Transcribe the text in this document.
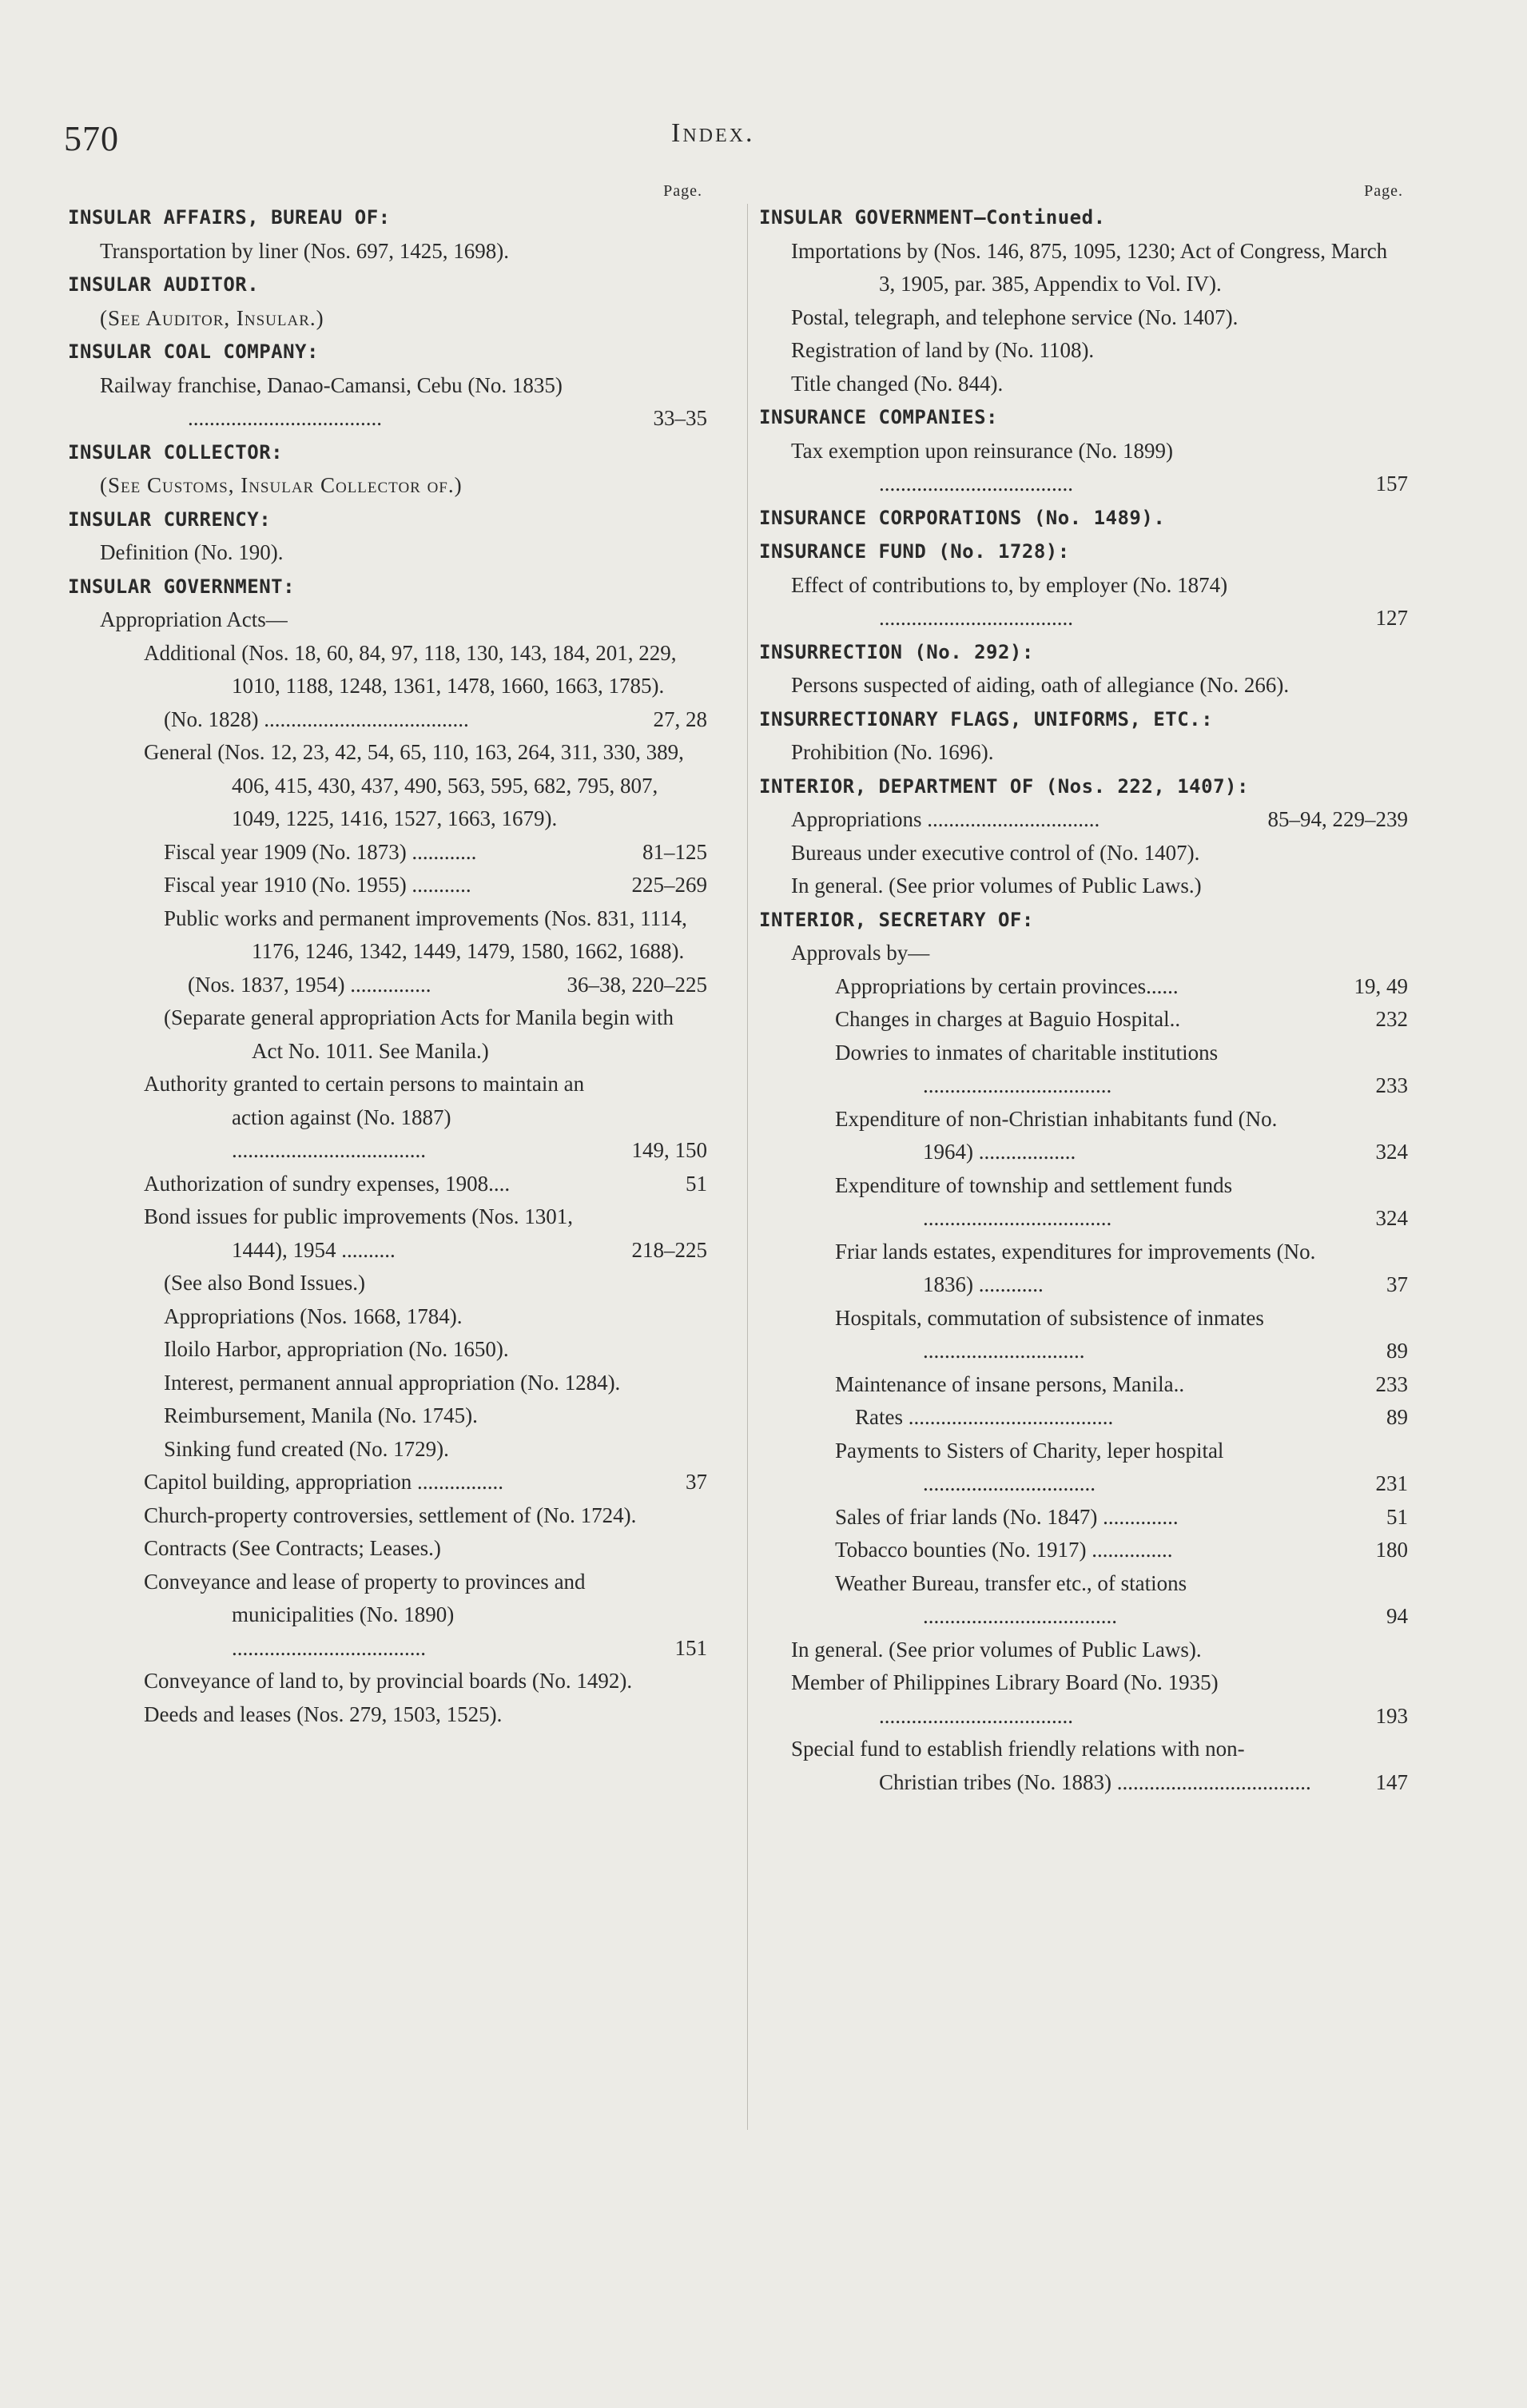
570	Index.
Page.
INSULAR AFFAIRS, BUREAU OF:
Transportation by liner (Nos. 697, 1425, 1698).
INSULAR AUDITOR.
(See Auditor, Insular.)
INSULAR COAL COMPANY:
Railway franchise, Danao-Camansi, Cebu (No. 1835) ....................................	33–35
INSULAR COLLECTOR:
(See Customs, Insular Collector of.)
INSULAR CURRENCY:
Definition (No. 190).
INSULAR GOVERNMENT:
Appropriation Acts—
Additional (Nos. 18, 60, 84, 97, 118, 130, 143, 184, 201, 229, 1010, 1188, 1248, 1361, 1478, 1660, 1663, 1785).
(No. 1828) ......................................	27, 28
General (Nos. 12, 23, 42, 54, 65, 110, 163, 264, 311, 330, 389, 406, 415, 430, 437, 490, 563, 595, 682, 795, 807, 1049, 1225, 1416, 1527, 1663, 1679).
Fiscal year 1909 (No. 1873) ............	81–125
Fiscal year 1910 (No. 1955) ...........	225–269
Public works and permanent improvements (Nos. 831, 1114, 1176, 1246, 1342, 1449, 1479, 1580, 1662, 1688).
(Nos. 1837, 1954) ...............	36–38, 220–225
(Separate general appropriation Acts for Manila begin with Act No. 1011. See Manila.)
Authority granted to certain persons to maintain an action against (No. 1887) ....................................	149, 150
Authorization of sundry expenses, 1908....	51
Bond issues for public improvements (Nos. 1301, 1444), 1954 ..........	218–225
(See also Bond Issues.)
Appropriations (Nos. 1668, 1784).
Iloilo Harbor, appropriation (No. 1650).
Interest, permanent annual appropriation (No. 1284).
Reimbursement, Manila (No. 1745).
Sinking fund created (No. 1729).
Capitol building, appropriation ................	37
Church-property controversies, settlement of (No. 1724).
Contracts (See Contracts; Leases.)
Conveyance and lease of property to provinces and municipalities (No. 1890) ....................................	151
Conveyance of land to, by provincial boards (No. 1492).
Deeds and leases (Nos. 279, 1503, 1525).
Page.
INSULAR GOVERNMENT—Continued.
Importations by (Nos. 146, 875, 1095, 1230; Act of Congress, March 3, 1905, par. 385, Appendix to Vol. IV).
Postal, telegraph, and telephone service (No. 1407).
Registration of land by (No. 1108).
Title changed (No. 844).
INSURANCE COMPANIES:
Tax exemption upon reinsurance (No. 1899) ....................................	157
INSURANCE CORPORATIONS (No. 1489).
INSURANCE FUND (No. 1728):
Effect of contributions to, by employer (No. 1874) ....................................	127
INSURRECTION (No. 292):
Persons suspected of aiding, oath of allegiance (No. 266).
INSURRECTIONARY FLAGS, UNIFORMS, ETC.:
Prohibition (No. 1696).
INTERIOR, DEPARTMENT OF (Nos. 222, 1407):
Appropriations ................................	85–94, 229–239
Bureaus under executive control of (No. 1407).
In general. (See prior volumes of Public Laws.)
INTERIOR, SECRETARY OF:
Approvals by—
Appropriations by certain provinces......	19, 49
Changes in charges at Baguio Hospital..	232
Dowries to inmates of charitable institutions ...................................	233
Expenditure of non-Christian inhabitants fund (No. 1964) ..................	324
Expenditure of township and settlement funds ...................................	324
Friar lands estates, expenditures for improvements (No. 1836) ............	37
Hospitals, commutation of subsistence of inmates ..............................	89
Maintenance of insane persons, Manila..	233
Rates ......................................	89
Payments to Sisters of Charity, leper hospital ................................	231
Sales of friar lands (No. 1847) ..............	51
Tobacco bounties (No. 1917) ...............	180
Weather Bureau, transfer etc., of stations ....................................	94
In general. (See prior volumes of Public Laws).
Member of Philippines Library Board (No. 1935) ....................................	193
Special fund to establish friendly relations with non-Christian tribes (No. 1883) ....................................	147
